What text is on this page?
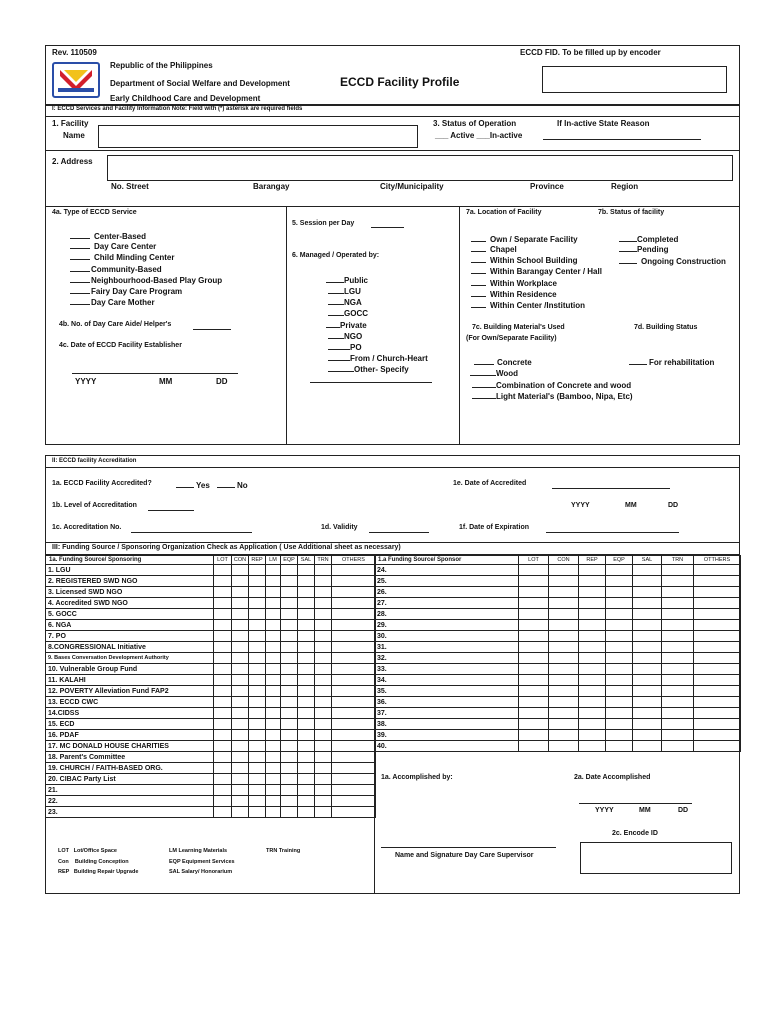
Rev. 110509
Republic of the Philippines
Department of Social Welfare and Development
Early Childhood Care and Development
ECCD Facility Profile
ECCD FID. To be filled up by encoder
I: ECCD Services and Facility Information Note: Field with (*) asterisk are required fields
1. Facility
Name
3. Status of Operation
___ Active ___In-active
If In-active State Reason
2. Address
No. Street	Barangay	City/Municipality	Province	Region
4a. Type of ECCD Service
Center-Based
Day Care Center
Child Minding Center
Community-Based
Neighbourhood-Based Play Group
Fairy Day Care Program
Day Care Mother
4b. No. of Day Care Aide/ Helper's
4c. Date of ECCD Facility Establisher
YYYY	MM	DD
5. Session per Day
6. Managed / Operated by:
Public
LGU
NGA
GOCC
Private
NGO
PO
From / Church-Heart
Other- Specify
7a. Location of Facility	7b. Status of facility
Own / Separate Facility
Chapel
Within School Building
Within Barangay Center / Hall
Within Workplace
Within Residence
Within Center /Institution
Completed
Pending
Ongoing Construction
7c. Building Material's Used
(For Own/Separate Facility)
7d. Building Status
Concrete
Wood
Combination of Concrete and wood
Light Material's (Bamboo, Nipa, Etc)
For rehabilitation
II: ECCD facility Accreditation
1a. ECCD Facility Accredited?	Yes	No	1e. Date of Accredited
YYYY	MM	DD
1b. Level of Accreditation
1c. Accreditation No.	1d. Validity	1f. Date of Expiration
III: Funding Source / Sponsoring Organization Check as Application ( Use Additional sheet as necessary)
1a. Funding Source/ Sponsoring	LOT	CON	REP	LM	EQP	SAL	TRN	OTHERS
1. LGU								
2. REGISTERED SWD NGO								
3. Licensed SWD NGO								
4. Accredited SWD NGO								
5. GOCC								
6. NGA								
7. PO								
8.CONGRESSIONAL Initiative								
9. Bases Conversation Development Authority								
10. Vulnerable Group Fund								
11. KALAHI								
12. POVERTY Alleviation Fund FAP2								
13. ECCD CWC								
14.CIDSS								
15. ECD								
16. PDAF								
17. MC DONALD HOUSE CHARITIES								
18. Parent's Committee								
19. CHURCH / FAITH-BASED ORG.								
20. CIBAC Party List								
21.								
22.								
23.								
1.a Funding Source/ Sponsor	LOT	CON	REP	EQP	SAL	TRN	OTTHERS
24.							
25.							
26.							
27.							
28.							
29.							
30.							
31.							
32.							
33.							
34.							
35.							
36.							
37.							
38.							
39.							
40.							
LOT Lot/Office Space	LM Learning Materials	TRN Training
Con Building Conception	EQP Equipment Services
REP Building Repair Upgrade	SAL Salary/ Honorarium
1a. Accomplished by:	2a. Date Accomplished
YYYY	MM	DD
2c. Encode ID
Name and Signature Day Care Supervisor
